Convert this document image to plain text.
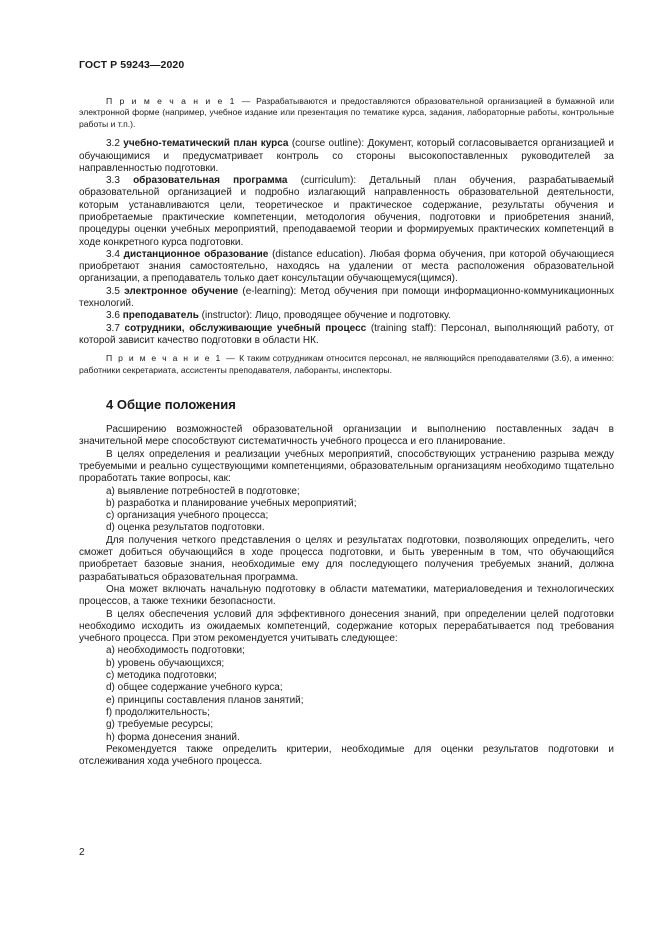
ГОСТ Р 59243—2020

П р и м е ч а н и е 1 — Разрабатываются и предоставляются образовательной организацией в бумажной или электронной форме (например, учебное издание или презентация по тематике курса, задания, лабораторные работы, контрольные работы и т.п.).

3.2 учебно-тематический план курса (course outline): Документ, который согласовывается организацией и обучающимися и предусматривает контроль со стороны высокопоставленных руководителей за направленностью подготовки.

3.3 образовательная программа (curriculum): Детальный план обучения, разрабатываемый образовательной организацией и подробно излагающий направленность образовательной деятельности, которым устанавливаются цели, теоретическое и практическое содержание, результаты обучения и приобретаемые практические компетенции, методология обучения, подготовки и приобретения знаний, процедуры оценки учебных мероприятий, преподаваемой теории и формируемых практических компетенций в ходе конкретного курса подготовки.

3.4 дистанционное образование (distance education). Любая форма обучения, при которой обучающиеся приобретают знания самостоятельно, находясь на удалении от места расположения образовательной организации, а преподаватель только дает консультации обучающемуся(щимся).

3.5 электронное обучение (e-learning): Метод обучения при помощи информационно-коммуникационных технологий.

3.6 преподаватель (instructor): Лицо, проводящее обучение и подготовку.

3.7 сотрудники, обслуживающие учебный процесс (training staff): Персонал, выполняющий работу, от которой зависит качество подготовки в области НК.

П р и м е ч а н и е 1 — К таким сотрудникам относится персонал, не являющийся преподавателями (3.6), а именно: работники секретариата, ассистенты преподавателя, лаборанты, инспекторы.

4 Общие положения

Расширению возможностей образовательной организации и выполнению поставленных задач в значительной мере способствуют систематичность учебного процесса и его планирование.

В целях определения и реализации учебных мероприятий, способствующих устранению разрыва между требуемыми и реально существующими компетенциями, образовательным организациям необходимо тщательно проработать такие вопросы, как:

а) выявление потребностей в подготовке;
b) разработка и планирование учебных мероприятий;
c) организация учебного процесса;
d) оценка результатов подготовки.

Для получения четкого представления о целях и результатах подготовки, позволяющих определить, чего сможет добиться обучающийся в ходе процесса подготовки, и быть уверенным в том, что обучающийся приобретает базовые знания, необходимые ему для последующего получения требуемых знаний, должна разрабатываться образовательная программа.

Она может включать начальную подготовку в области математики, материаловедения и технологических процессов, а также техники безопасности.

В целях обеспечения условий для эффективного донесения знаний, при определении целей подготовки необходимо исходить из ожидаемых компетенций, содержание которых перерабатывается под требования учебного процесса. При этом рекомендуется учитывать следующее:

а) необходимость подготовки;
b) уровень обучающихся;
c) методика подготовки;
d) общее содержание учебного курса;
e) принципы составления планов занятий;
f) продолжительность;
g) требуемые ресурсы;
h) форма донесения знаний.

Рекомендуется также определить критерии, необходимые для оценки результатов подготовки и отслеживания хода учебного процесса.

2
